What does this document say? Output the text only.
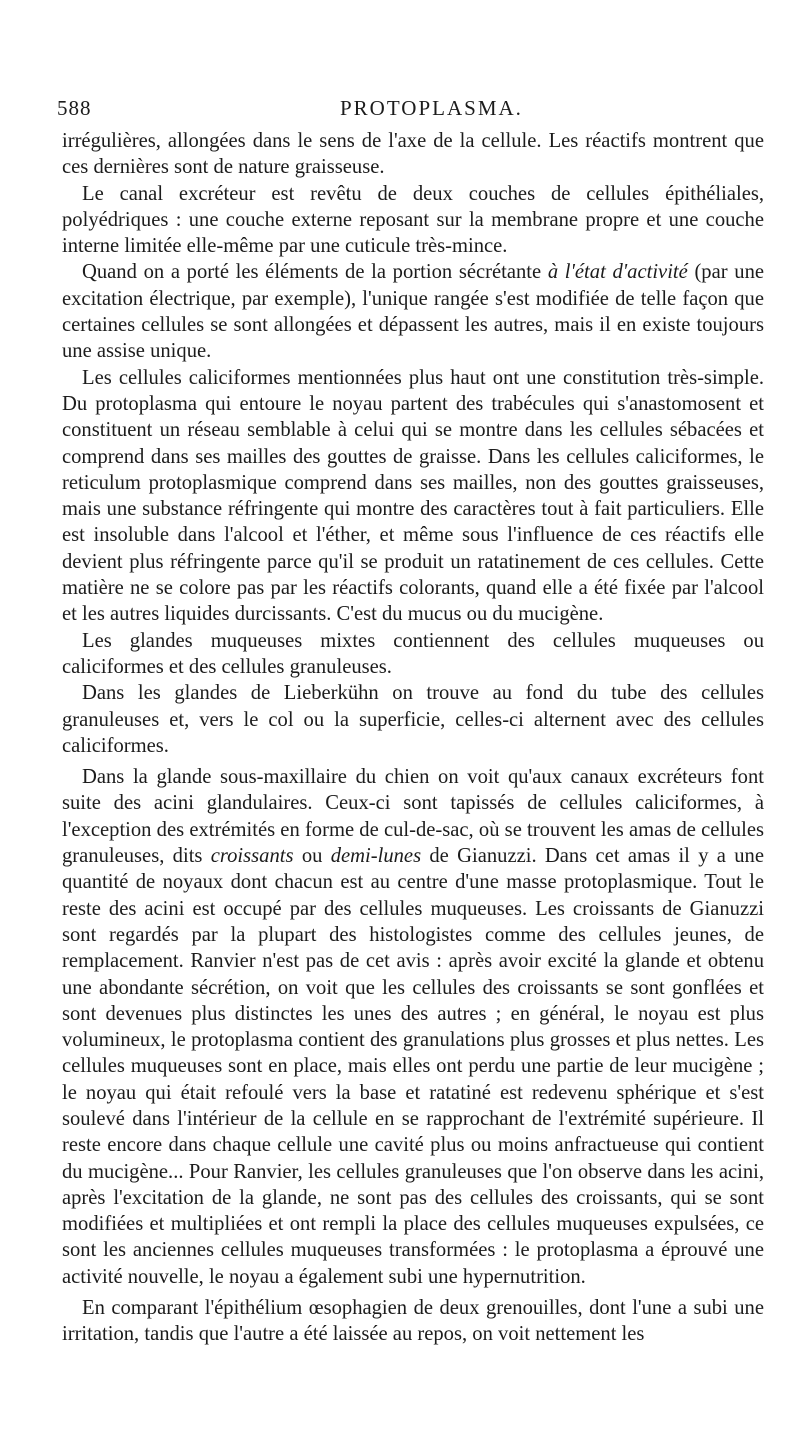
588	PROTOPLASMA.

irrégulières, allongées dans le sens de l'axe de la cellule. Les réactifs montrent que ces dernières sont de nature graisseuse.

Le canal excréteur est revêtu de deux couches de cellules épithéliales, polyédriques : une couche externe reposant sur la membrane propre et une couche interne limitée elle-même par une cuticule très-mince.

Quand on a porté les éléments de la portion sécrétante à l'état d'activité (par une excitation électrique, par exemple), l'unique rangée s'est modifiée de telle façon que certaines cellules se sont allongées et dépassent les autres, mais il en existe toujours une assise unique.

Les cellules caliciformes mentionnées plus haut ont une constitution très-simple. Du protoplasma qui entoure le noyau partent des trabécules qui s'anastomosent et constituent un réseau semblable à celui qui se montre dans les cellules sébacées et comprend dans ses mailles des gouttes de graisse. Dans les cellules caliciformes, le reticulum protoplasmique comprend dans ses mailles, non des gouttes graisseuses, mais une substance réfringente qui montre des caractères tout à fait particuliers. Elle est insoluble dans l'alcool et l'éther, et même sous l'influence de ces réactifs elle devient plus réfringente parce qu'il se produit un ratatinement de ces cellules. Cette matière ne se colore pas par les réactifs colorants, quand elle a été fixée par l'alcool et les autres liquides durcissants. C'est du mucus ou du mucigène.

Les glandes muqueuses mixtes contiennent des cellules muqueuses ou caliciformes et des cellules granuleuses.

Dans les glandes de Lieberkühn on trouve au fond du tube des cellules granuleuses et, vers le col ou la superficie, celles-ci alternent avec des cellules caliciformes.

Dans la glande sous-maxillaire du chien on voit qu'aux canaux excréteurs font suite des acini glandulaires. Ceux-ci sont tapissés de cellules caliciformes, à l'exception des extrémités en forme de cul-de-sac, où se trouvent les amas de cellules granuleuses, dits croissants ou demi-lunes de Gianuzzi. Dans cet amas il y a une quantité de noyaux dont chacun est au centre d'une masse protoplasmique. Tout le reste des acini est occupé par des cellules muqueuses. Les croissants de Gianuzzi sont regardés par la plupart des histologistes comme des cellules jeunes, de remplacement. Ranvier n'est pas de cet avis : après avoir excité la glande et obtenu une abondante sécrétion, on voit que les cellules des croissants se sont gonflées et sont devenues plus distinctes les unes des autres ; en général, le noyau est plus volumineux, le protoplasma contient des granulations plus grosses et plus nettes. Les cellules muqueuses sont en place, mais elles ont perdu une partie de leur mucigène ; le noyau qui était refoulé vers la base et ratatiné est redevenu sphérique et s'est soulevé dans l'intérieur de la cellule en se rapprochant de l'extrémité supérieure. Il reste encore dans chaque cellule une cavité plus ou moins anfractueuse qui contient du mucigène... Pour Ranvier, les cellules granuleuses que l'on observe dans les acini, après l'excitation de la glande, ne sont pas des cellules des croissants, qui se sont modifiées et multipliées et ont rempli la place des cellules muqueuses expulsées, ce sont les anciennes cellules muqueuses transformées : le protoplasma a éprouvé une activité nouvelle, le noyau a également subi une hypernutrition.

En comparant l'épithélium œsophagien de deux grenouilles, dont l'une a subi une irritation, tandis que l'autre a été laissée au repos, on voit nettement les
